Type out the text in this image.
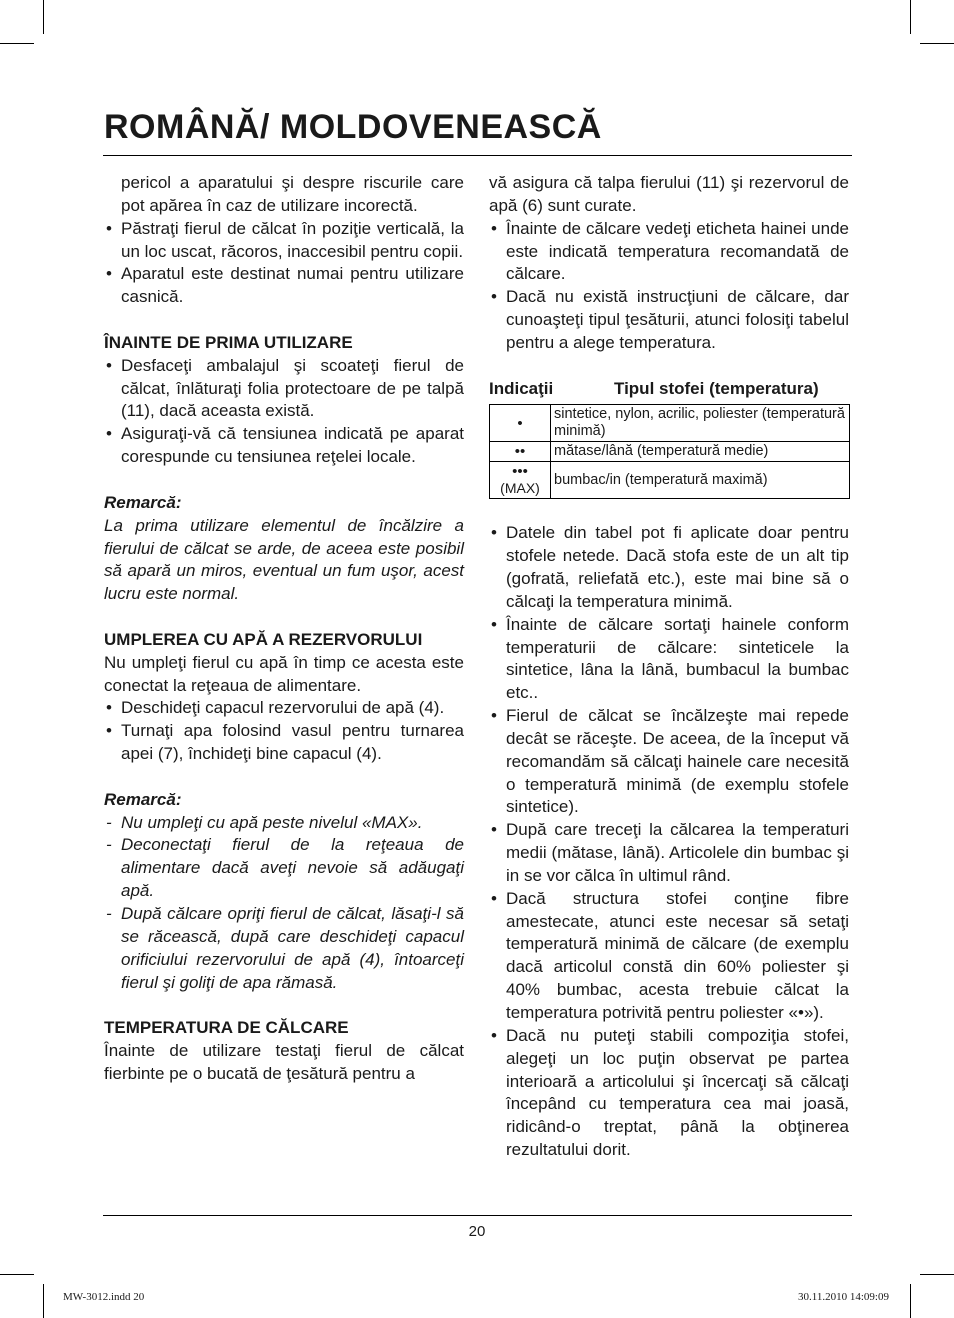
ROMÂNĂ/ MOLDOVENEASCĂ

pericol a aparatului şi despre riscurile care pot apărea în caz de utilizare incorectă.

• Păstraţi fierul de călcat în poziţie verticală, la un loc uscat, răcoros, inaccesibil pentru copii.
• Aparatul este destinat numai pentru utilizare casnică.

ÎNAINTE DE PRIMA UTILIZARE

• Desfaceţi ambalajul şi scoateţi fierul de călcat, înlăturaţi folia protectoare de pe talpă (11), dacă aceasta există.
• Asiguraţi-vă că tensiunea indicată pe aparat corespunde cu tensiunea reţelei locale.

Remarcă:

La prima utilizare elementul de încălzire a fierului de călcat se arde, de aceea este posibil să apară un miros, eventual un fum uşor, acest lucru este normal.

UMPLEREA CU APĂ A REZERVORULUI

Nu umpleţi fierul cu apă în timp ce acesta este conectat la reţeaua de alimentare.

• Deschideţi capacul rezervorului de apă (4).
• Turnaţi apa folosind vasul pentru turnarea apei (7), închideţi bine capacul (4).

Remarcă:

- Nu umpleţi cu apă peste nivelul «MAX».
- Deconectaţi fierul de la reţeaua de alimentare dacă aveţi nevoie să adăugaţi apă.
- După călcare opriţi fierul de călcat, lăsaţi-l să se răcească, după care deschideţi capacul orificiului rezervorului de apă (4), întoarceţi fierul şi goliţi de apa rămasă.

TEMPERATURA DE CĂLCARE

Înainte de utilizare testaţi fierul de călcat fierbinte pe o bucată de ţesătură pentru a

vă asigura că talpa fierului (11) şi rezervorul de apă (6) sunt curate.

• Înainte de călcare vedeţi eticheta hainei unde este indicată temperatura recomandată de călcare.
• Dacă nu există instrucţiuni de călcare, dar cunoaşteţi tipul ţesăturii, atunci folosiţi tabelul pentru a alege temperatura.
Indicaţii	Tipul stofei (temperatura)
•	sintetice, nylon, acrilic, poliester (temperatură minimă)
••	mătase/lână (temperatură medie)

•••
(MAX)	bumbac/in (temperatură maximă)
• Datele din tabel pot fi aplicate doar pentru stofele netede. Dacă stofa este de un alt tip (gofrată, reliefată etc.), este mai bine să o călcaţi la temperatura minimă.
• Înainte de călcare sortaţi hainele conform temperaturii de călcare: sinteticele la sintetice, lâna la lână, bumbacul la bumbac etc..
• Fierul de călcat se încălzeşte mai repede decât se răceşte. De aceea, de la început vă recomandăm să călcaţi hainele care necesită o temperatură minimă (de exemplu stofele sintetice).
• După care treceţi la călcarea la temperaturi medii (mătase, lână). Articolele din bumbac şi in se vor călca în ultimul rând.
• Dacă structura stofei conţine fibre amestecate, atunci este necesar să setaţi temperatură minimă de călcare (de exemplu dacă articolul constă din 60% poliester şi 40% bumbac, acesta trebuie călcat la temperatura potrivită pentru poliester «•»).
• Dacă nu puteţi stabili compoziţia stofei, alegeţi un loc puţin observat pe partea interioară a articolului şi încercaţi să călcaţi începând cu temperatura cea mai joasă, ridicând-o treptat, până la obţinerea rezultatului dorit.
20
MW-3012.indd 20	30.11.2010 14:09:09
